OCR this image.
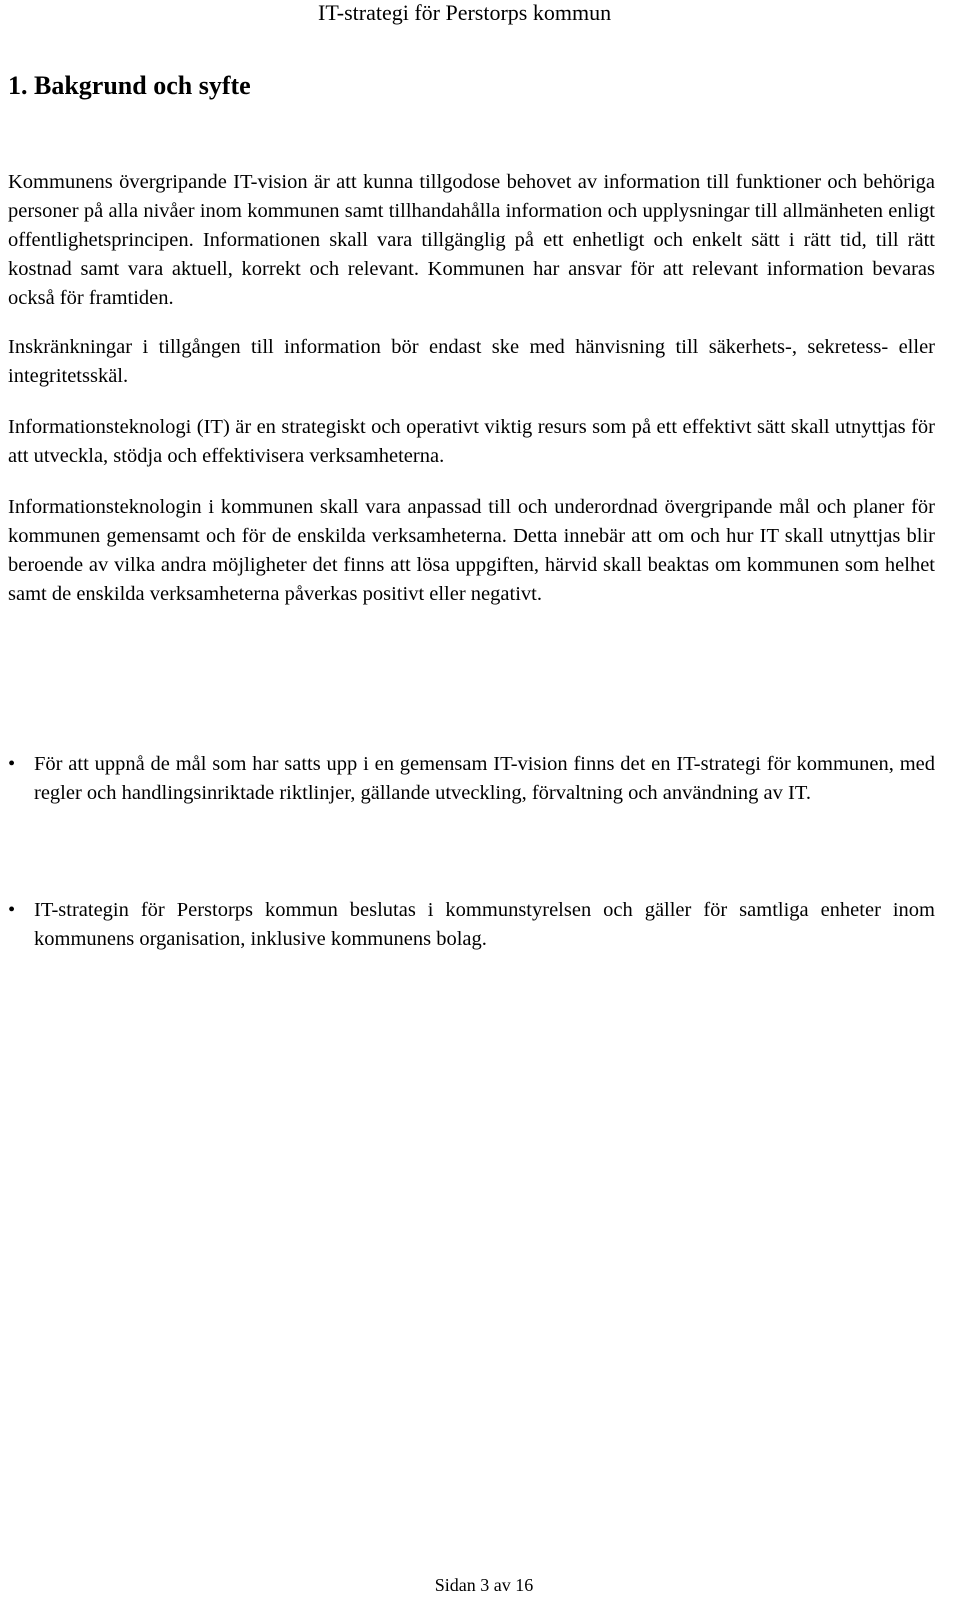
IT-strategi för Perstorps kommun
1. Bakgrund och syfte

Kommunens övergripande IT-vision är att kunna tillgodose behovet av information till funktioner och behöriga personer på alla nivåer inom kommunen samt tillhandahålla information och upplysningar till allmänheten enligt offentlighetsprincipen. Informationen skall vara tillgänglig på ett enhetligt och enkelt sätt i rätt tid, till rätt kostnad samt vara aktuell, korrekt och relevant. Kommunen har ansvar för att relevant information bevaras också för framtiden.

Inskränkningar i tillgången till information bör endast ske med hänvisning till säkerhets-, sekretess- eller integritetsskäl.

Informationsteknologi (IT) är en strategiskt och operativt viktig resurs som på ett effektivt sätt skall utnyttjas för att utveckla, stödja och effektivisera verksamheterna.

Informationsteknologin i kommunen skall vara anpassad till och underordnad övergripande mål och planer för kommunen gemensamt och för de enskilda verksamheterna. Detta innebär att om och hur IT skall utnyttjas blir beroende av vilka andra möjligheter det finns att lösa uppgiften, härvid skall beaktas om kommunen som helhet samt de enskilda verksamheterna påverkas positivt eller negativt.

• För att uppnå de mål som har satts upp i en gemensam IT-vision finns det en IT-strategi för kommunen, med regler och handlingsinriktade riktlinjer, gällande utveckling, förvaltning och användning av IT.
• IT-strategin för Perstorps kommun beslutas i kommunstyrelsen och gäller för samtliga enheter inom kommunens organisation, inklusive kommunens bolag.
Sidan 3 av 16
